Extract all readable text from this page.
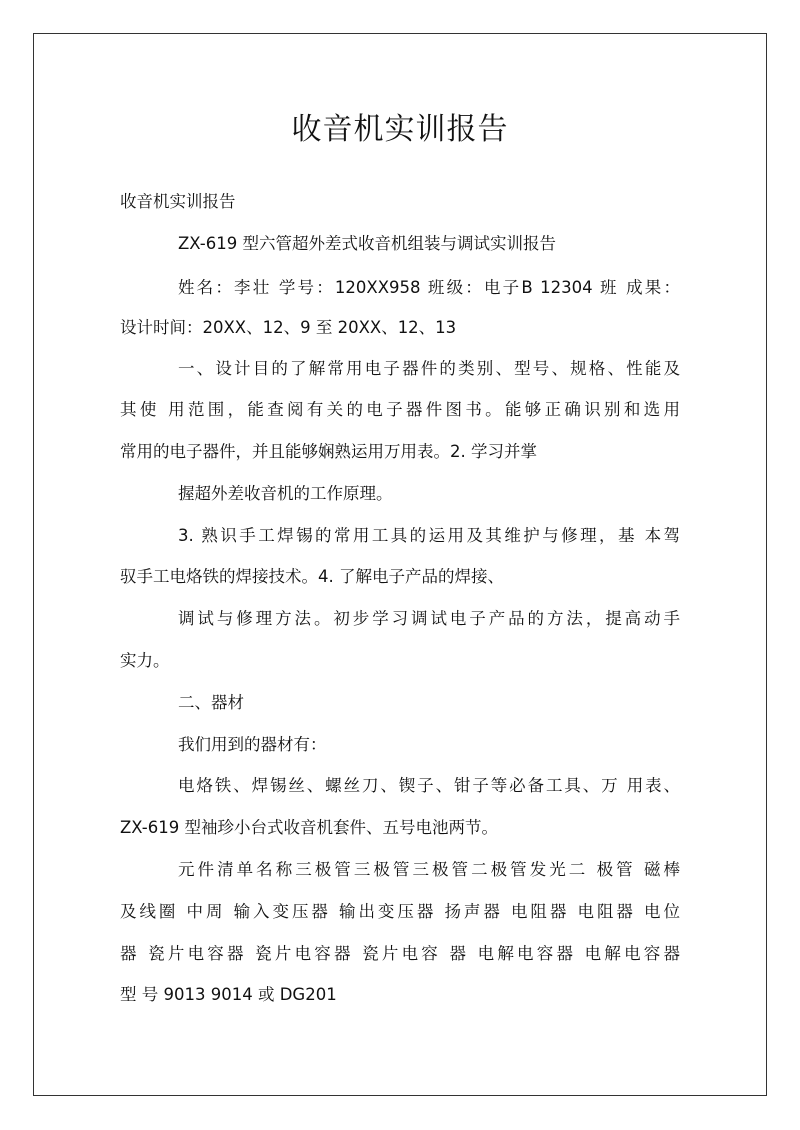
收音机实训报告
收音机实训报告
ZX-619 型六管超外差式收音机组装与调试实训报告
姓名：李壮 学号：120XX958 班级：电子B 12304 班 成果：
设计时间：20XX、12、9 至 20XX、12、13
一、设计目的了解常用电子器件的类别、型号、规格、性能及
其使 用范围，能查阅有关的电子器件图书。能够正确识别和选用
常用的电子器件，并且能够娴熟运用万用表。2. 学习并掌
握超外差收音机的工作原理。
3. 熟识手工焊锡的常用工具的运用及其维护与修理，基 本驾
驭手工电烙铁的焊接技术。4. 了解电子产品的焊接、
调试与修理方法。初步学习调试电子产品的方法，提高动手
实力。
二、器材
我们用到的器材有：
电烙铁、焊锡丝、螺丝刀、锲子、钳子等必备工具、万 用表、
ZX-619 型袖珍小台式收音机套件、五号电池两节。
元件清单名称三极管三极管三极管二极管发光二 极管 磁棒
及线圈 中周 输入变压器 输出变压器 扬声器 电阻器 电阻器 电位
器 瓷片电容器 瓷片电容器 瓷片电容 器 电解电容器 电解电容器
型 号 9013 9014 或 DG201
